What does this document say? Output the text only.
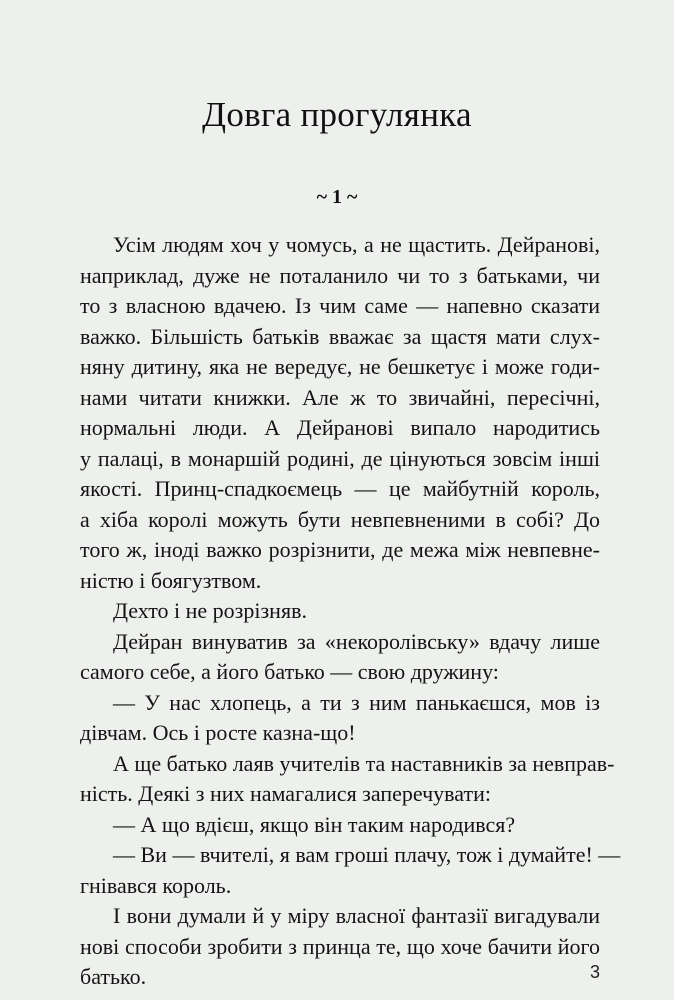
Довга прогулянка
~ 1 ~
Усім людям хоч у чомусь, а не щастить. Дейранові,
наприклад, дуже не поталанило чи то з батьками, чи
то з власною вдачею. Із чим саме — напевно сказати
важко. Більшість батьків вважає за щастя мати слух-
няну дитину, яка не вередує, не бешкетує і може годи-
нами читати книжки. Але ж то звичайні, пересічні,
нормальні люди. А Дейранові випало народитись
у палаці, в монаршій родині, де цінуються зовсім інші
якості. Принц-спадкоємець — це майбутній король,
а хіба королі можуть бути невпевненими в собі? До
того ж, іноді важко розрізнити, де межа між невпевне-
ністю і боягузтвом.
Дехто і не розрізняв.
Дейран винуватив за «некоролівську» вдачу лише
самого себе, а його батько — свою дружину:
— У нас хлопець, а ти з ним панькаєшся, мов із
дівчам. Ось і росте казна-що!
А ще батько лаяв учителів та наставників за невправ-
ність. Деякі з них намагалися заперечувати:
— А що вдієш, якщо він таким народився?
— Ви — вчителі, я вам гроші плачу, тож і думайте! —
гнівався король.
І вони думали й у міру власної фантазії вигадували
нові способи зробити з принца те, що хоче бачити його
батько.	3
